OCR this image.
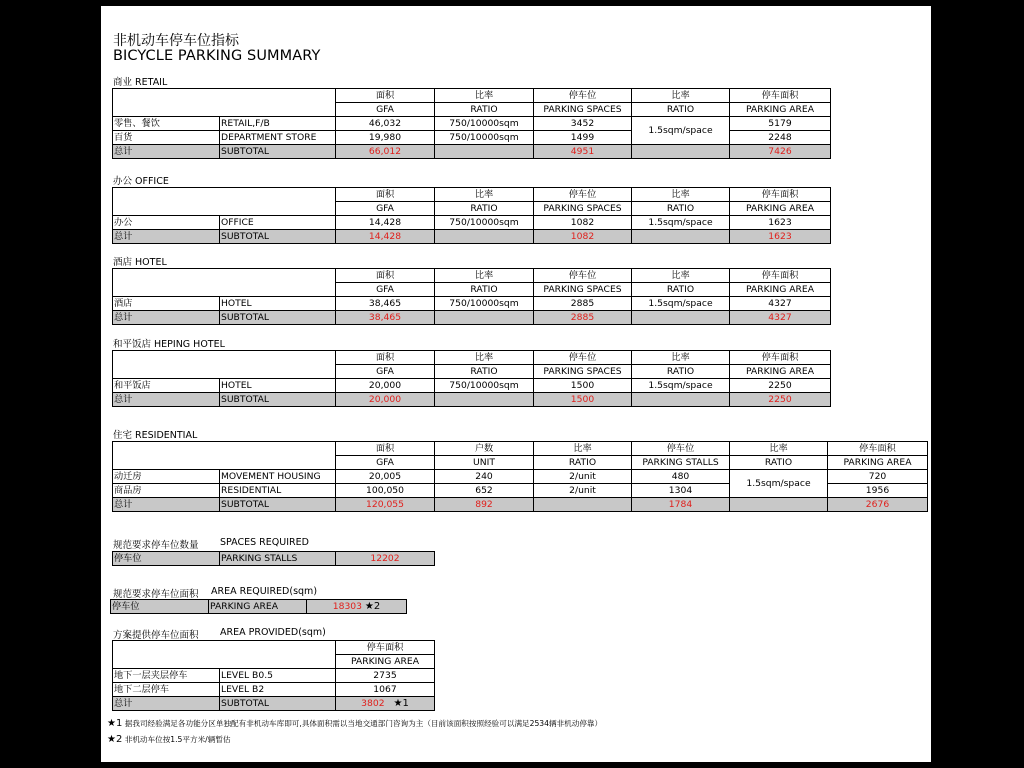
非机动车停车位指标
BICYCLE PARKING SUMMARY
商业 RETAIL
		面积	比率	停车位	比率	停车面积
		GFA	RATIO	PARKING SPACES	RATIO	PARKING AREA
零售、餐饮	RETAIL,F/B	46,032	750/10000sqm	3452	1.5sqm/space	5179
百货	DEPARTMENT STORE	19,980	750/10000sqm	1499		2248
总计	SUBTOTAL	66,012		4951		7426
办公 OFFICE
		面积	比率	停车位	比率	停车面积
		GFA	RATIO	PARKING SPACES	RATIO	PARKING AREA
办公	OFFICE	14,428	750/10000sqm	1082	1.5sqm/space	1623
总计	SUBTOTAL	14,428		1082		1623
酒店 HOTEL
		面积	比率	停车位	比率	停车面积
		GFA	RATIO	PARKING SPACES	RATIO	PARKING AREA
酒店	HOTEL	38,465	750/10000sqm	2885	1.5sqm/space	4327
总计	SUBTOTAL	38,465		2885		4327
和平饭店 HEPING HOTEL
		面积	比率	停车位	比率	停车面积
		GFA	RATIO	PARKING SPACES	RATIO	PARKING AREA
和平饭店	HOTEL	20,000	750/10000sqm	1500	1.5sqm/space	2250
总计	SUBTOTAL	20,000		1500		2250
住宅 RESIDENTIAL
		面积	户数	比率	停车位	比率	停车面积
		GFA	UNIT	RATIO	PARKING STALLS	RATIO	PARKING AREA
动迁房	MOVEMENT HOUSING	20,005	240	2/unit	480	1.5sqm/space	720
商品房	RESIDENTIAL	100,050	652	2/unit	1304		1956
总计	SUBTOTAL	120,055	892		1784		2676
规范要求停车位数量 SPACES REQUIRED
停车位	PARKING STALLS	12202
规范要求停车位面积 AREA REQUIRED(sqm)
停车位	PARKING AREA	18303 ★2
方案提供停车位面积 AREA PROVIDED(sqm)
		停车面积
		PARKING AREA
地下一层夹层停车	LEVEL B0.5	2735
地下二层停车	LEVEL B2	1067
总计	SUBTOTAL	3802 ★1
★1 据我司经验满足各功能分区单独配有非机动车库即可,具体面积需以当地交通部门咨询为主（目前该面积按照经验可以满足2534辆非机动停靠）
★2 非机动车位按1.5平方米/辆暂估
